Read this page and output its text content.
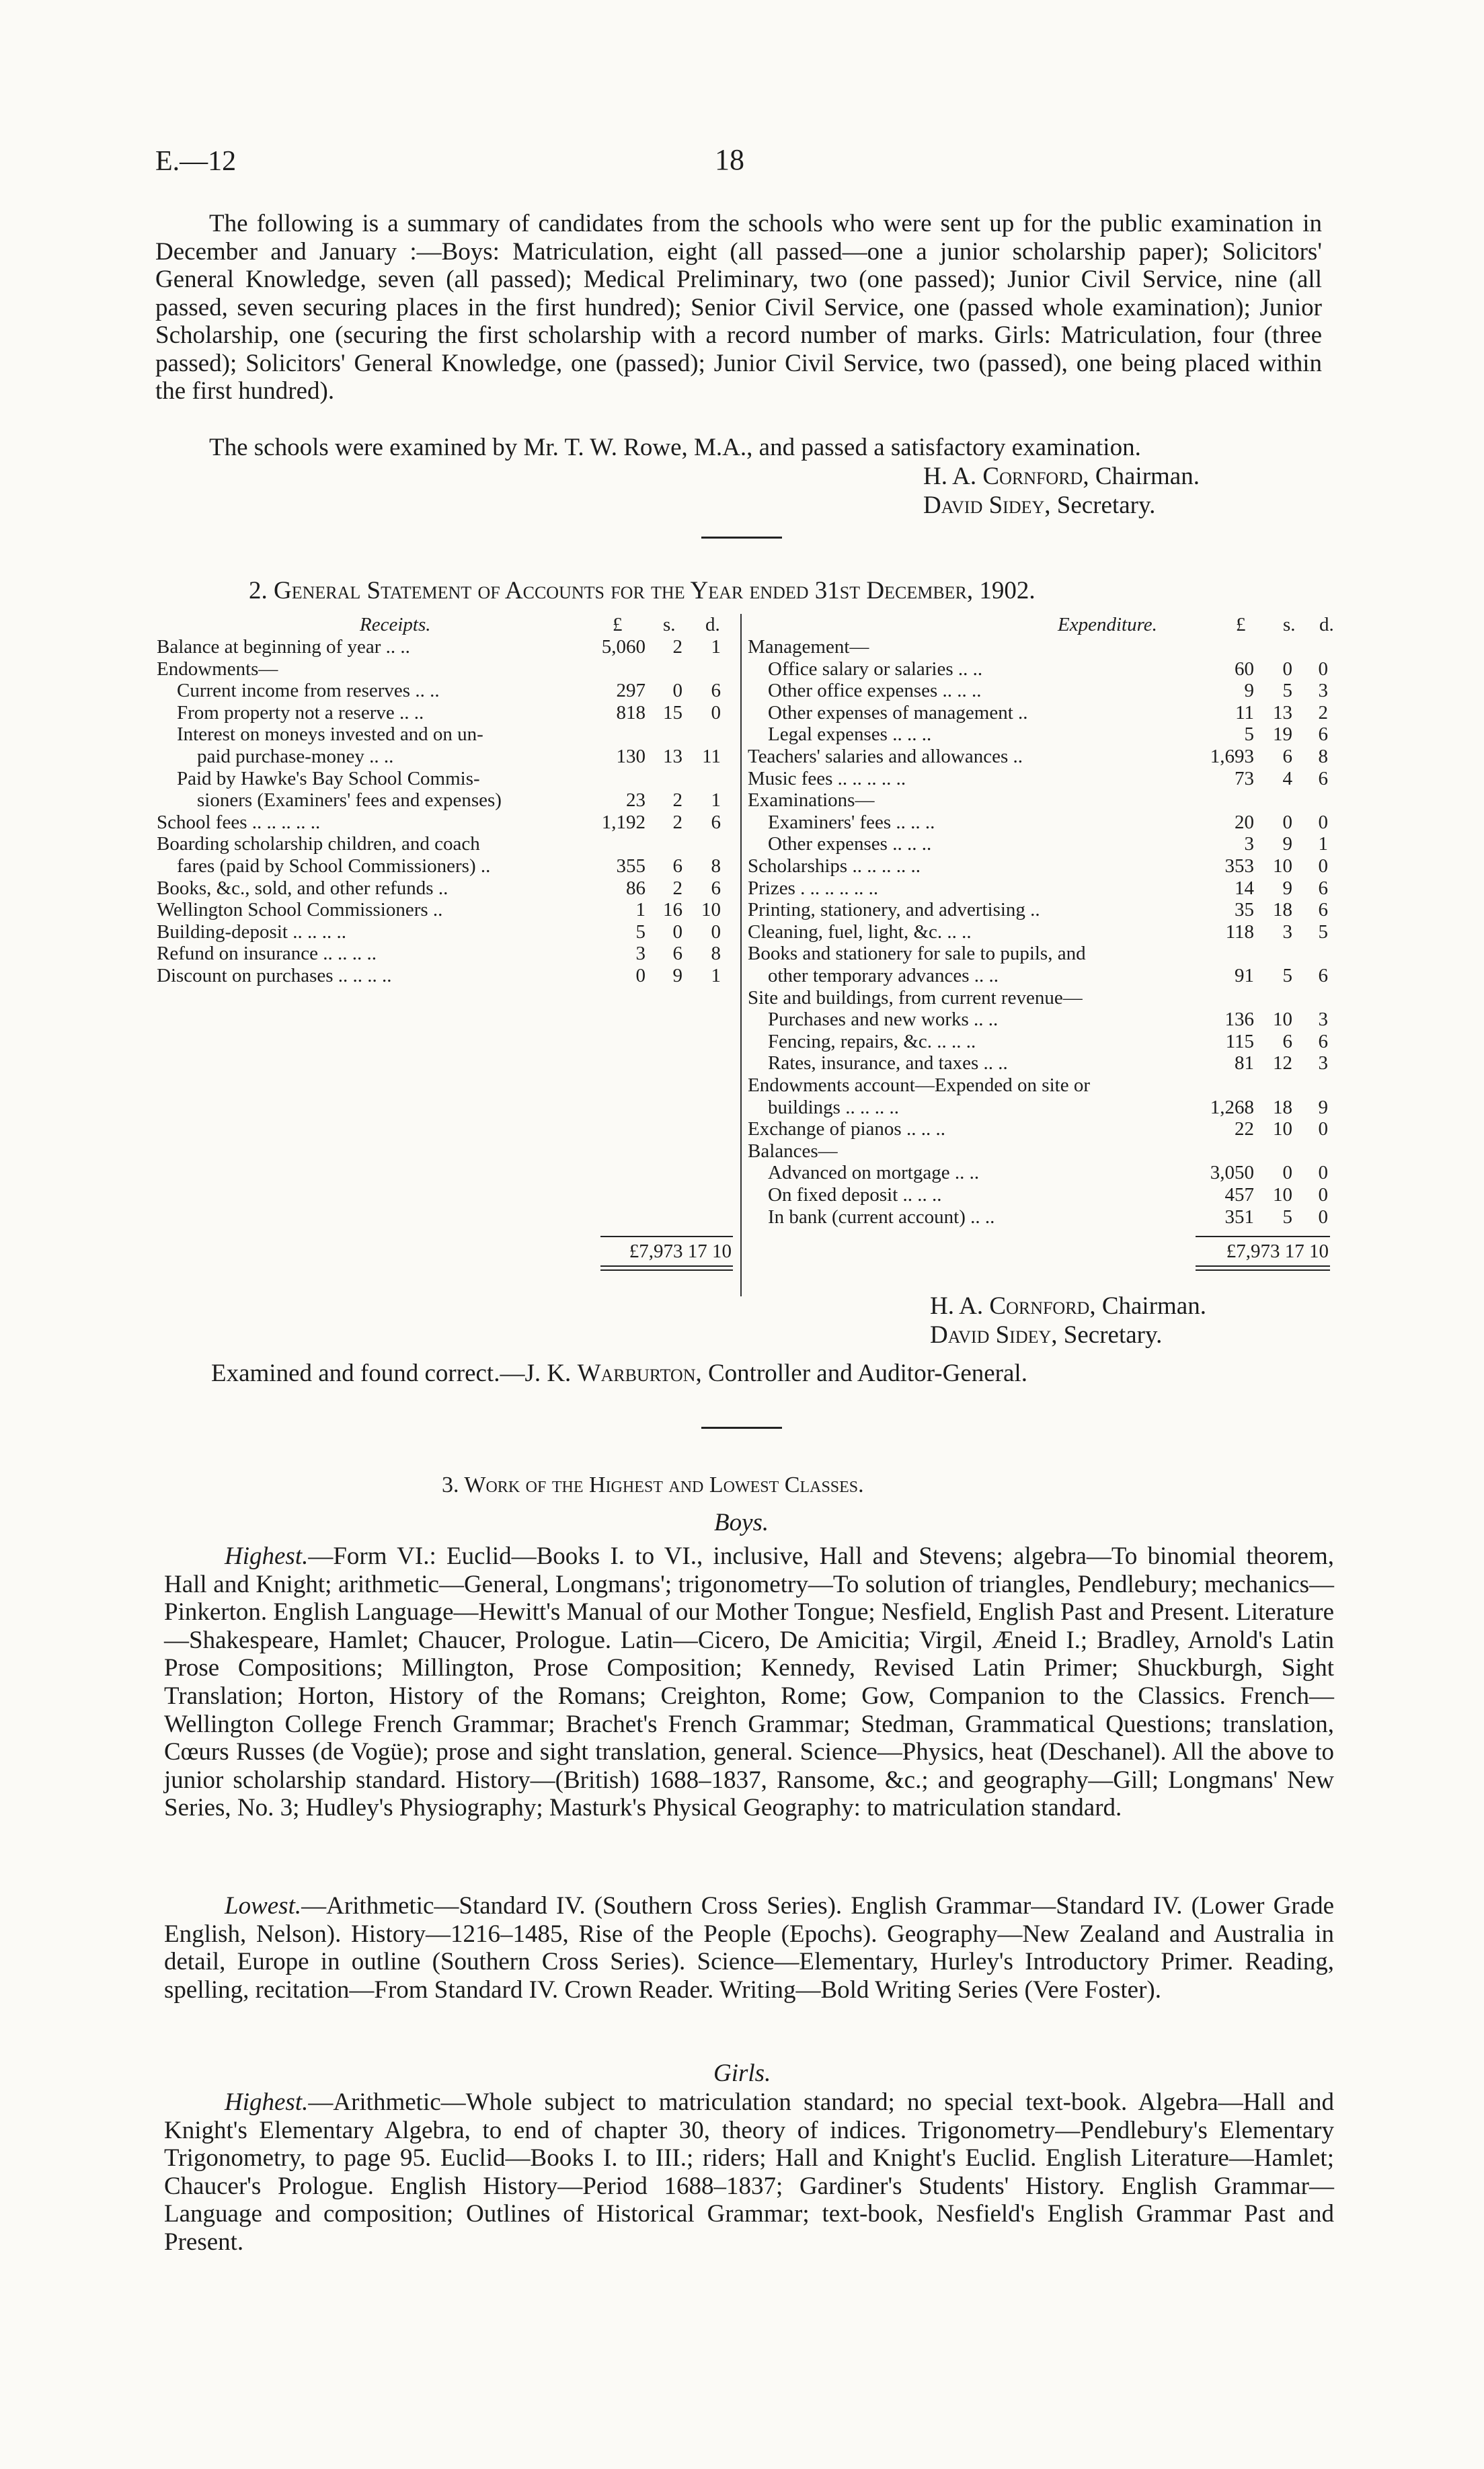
E.—12	18
The following is a summary of candidates from the schools who were sent up for the public examination in December and January :—Boys: Matriculation, eight (all passed—one a junior scholarship paper); Solicitors' General Knowledge, seven (all passed); Medical Preliminary, two (one passed); Junior Civil Service, nine (all passed, seven securing places in the first hundred); Senior Civil Service, one (passed whole examination); Junior Scholarship, one (securing the first scholarship with a record number of marks. Girls: Matriculation, four (three passed); Solicitors' General Knowledge, one (passed); Junior Civil Service, two (passed), one being placed within the first hundred).
The schools were examined by Mr. T. W. Rowe, M.A., and passed a satisfactory examination.
H. A. Cornford, Chairman.
David Sidey, Secretary.
2. General Statement of Accounts for the Year ended 31st December, 1902.
Receipts.	£ s. d.	Expenditure.	£ s. d.
Balance at beginning of year .. ..	5,060	2	1
Endowments—
Current income from reserves .. ..	297	0	6
From property not a reserve .. ..	818 15	0
Interest on moneys invested and on un-
paid purchase-money .. ..	130 13	11
Paid by Hawke's Bay School Commis-
sioners (Examiners' fees and expenses)	23	2	1
School fees .. .. .. .. ..	1,192	2	6
Boarding scholarship children, and coach
fares (paid by School Commissioners) ..	355	6	8
Books, &c., sold, and other refunds ..	86	2	6
Wellington School Commissioners ..	1 16 10
Building-deposit .. .. .. ..	5	0	0
Refund on insurance .. .. .. ..	3	6	8
Discount on purchases .. .. .. ..	0	9	1
Management—
Office salary or salaries .. ..	60	0	0
Other office expenses .. .. ..	9	5	3
Other expenses of management ..	11 13	2
Legal expenses .. .. ..	5 19	6
Teachers' salaries and allowances ..	1,693	6	8
Music fees .. .. .. .. ..	73	4	6
Examinations—
Examiners' fees .. .. ..	20	0	0
Other expenses .. .. ..	3	9	1
Scholarships .. .. .. .. ..	353 10	0
Prizes . .. .. .. .. ..	14	9	6
Printing, stationery, and advertising ..	35 18	6
Cleaning, fuel, light, &c. .. ..	118	3	5
Books and stationery for sale to pupils, and
other temporary advances .. ..	91	5	6
Site and buildings, from current revenue—
Purchases and new works .. ..	136 10	3
Fencing, repairs, &c. .. .. ..	115	6	6
Rates, insurance, and taxes .. ..	81 12	3
Endowments account—Expended on site or
buildings .. .. .. ..	1,268 18	9
Exchange of pianos .. .. ..	22 10	0
Balances—
Advanced on mortgage .. ..	3,050	0	0
On fixed deposit .. .. ..	457 10	0
In bank (current account) .. ..	351	5	0
£7,973 17 10	£7,973 17 10
H. A. Cornford, Chairman.
David Sidey, Secretary.
Examined and found correct.—J. K. Warburton, Controller and Auditor-General.
3. Work of the Highest and Lowest Classes.
Boys.
Highest.—Form VI.: Euclid—Books I. to VI., inclusive, Hall and Stevens; algebra—To binomial theorem, Hall and Knight; arithmetic—General, Longmans'; trigonometry—To solution of triangles, Pendlebury; mechanics—Pinkerton. English Language—Hewitt's Manual of our Mother Tongue; Nesfield, English Past and Present. Literature—Shakespeare, Hamlet; Chaucer, Prologue. Latin—Cicero, De Amicitia; Virgil, Æneid I.; Bradley, Arnold's Latin Prose Compositions; Millington, Prose Composition; Kennedy, Revised Latin Primer; Shuckburgh, Sight Translation; Horton, History of the Romans; Creighton, Rome; Gow, Companion to the Classics. French—Wellington College French Grammar; Brachet's French Grammar; Stedman, Grammatical Questions; translation, Cœurs Russes (de Vogüe); prose and sight translation, general. Science—Physics, heat (Deschanel). All the above to junior scholarship standard. History—(British) 1688–1837, Ransome, &c.; and geography—Gill; Longmans' New Series, No. 3; Hudley's Physiography; Masturk's Physical Geography: to matriculation standard.
Lowest.—Arithmetic—Standard IV. (Southern Cross Series). English Grammar—Standard IV. (Lower Grade English, Nelson). History—1216–1485, Rise of the People (Epochs). Geography—New Zealand and Australia in detail, Europe in outline (Southern Cross Series). Science—Elementary, Hurley's Introductory Primer. Reading, spelling, recitation—From Standard IV. Crown Reader. Writing—Bold Writing Series (Vere Foster).
Girls.
Highest.—Arithmetic—Whole subject to matriculation standard; no special text-book. Algebra—Hall and Knight's Elementary Algebra, to end of chapter 30, theory of indices. Trigonometry—Pendlebury's Elementary Trigonometry, to page 95. Euclid—Books I. to III.; riders; Hall and Knight's Euclid. English Literature—Hamlet; Chaucer's Prologue. English History—Period 1688–1837; Gardiner's Students' History. English Grammar—Language and composition; Outlines of Historical Grammar; text-book, Nesfield's English Grammar Past and Present.
